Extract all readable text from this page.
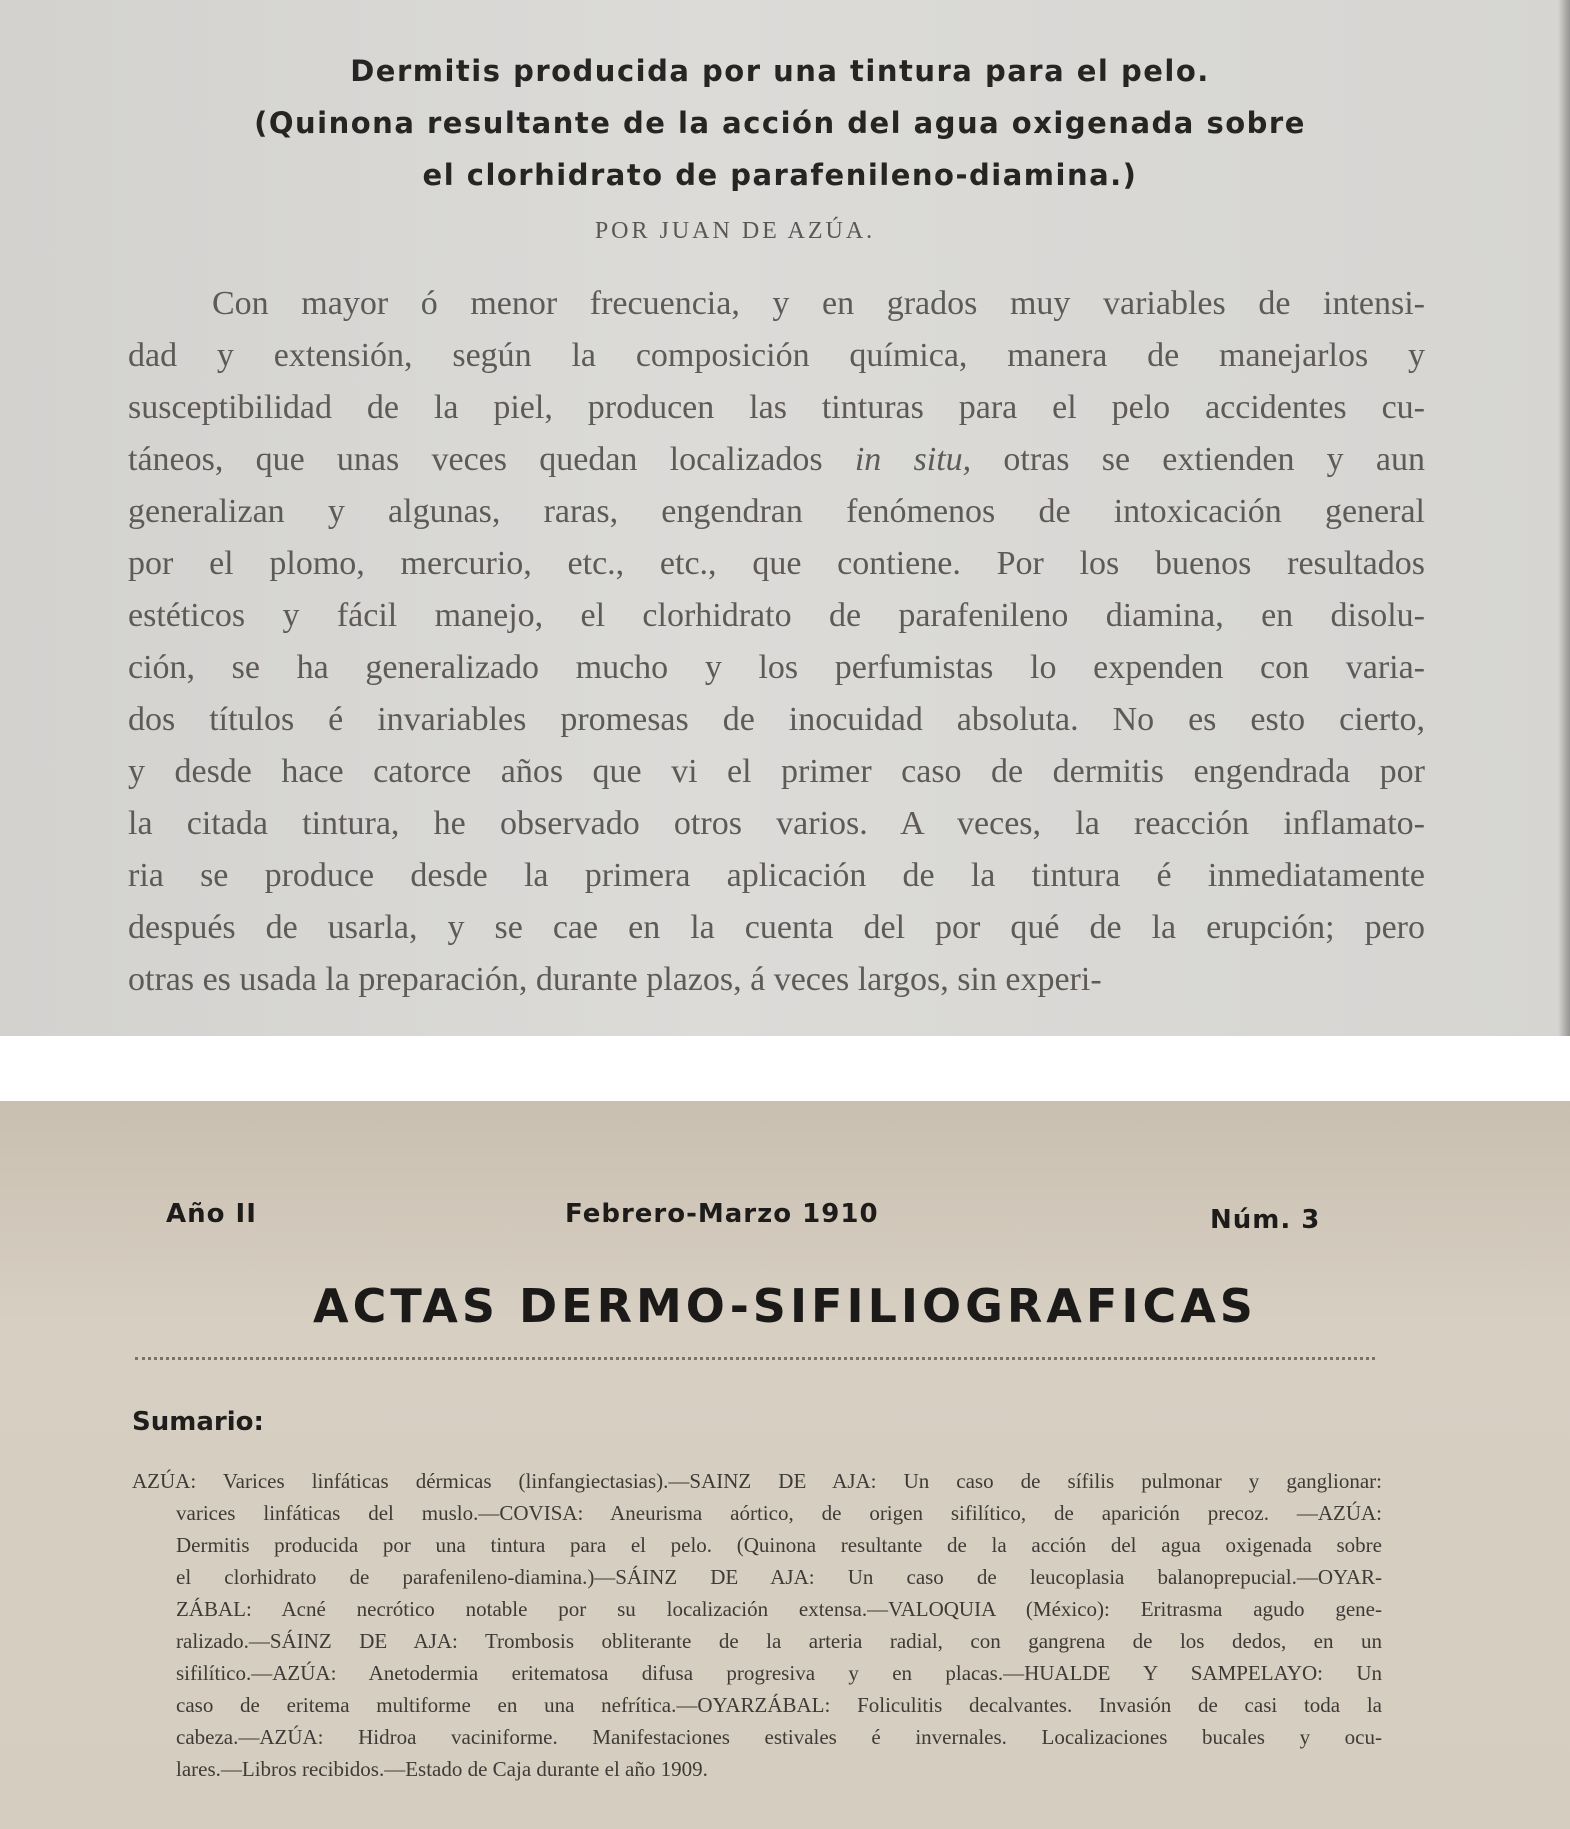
Dermitis producida por una tintura para el pelo.

(Quinona resultante de la acción del agua oxigenada sobre

el clorhidrato de parafenileno-diamina.)

POR JUAN DE AZÚA.

Con mayor ó menor frecuencia, y en grados muy variables de intensi-

dad y extensión, según la composición química, manera de manejarlos y

susceptibilidad de la piel, producen las tinturas para el pelo accidentes cu-

táneos, que unas veces quedan localizados in situ, otras se extienden y aun

generalizan y algunas, raras, engendran fenómenos de intoxicación general

por el plomo, mercurio, etc., etc., que contiene. Por los buenos resultados

estéticos y fácil manejo, el clorhidrato de parafenileno diamina, en disolu-

ción, se ha generalizado mucho y los perfumistas lo expenden con varia-

dos títulos é invariables promesas de inocuidad absoluta. No es esto cierto,

y desde hace catorce años que vi el primer caso de dermitis engendrada por

la citada tintura, he observado otros varios. A veces, la reacción inflamato-

ria se produce desde la primera aplicación de la tintura é inmediatamente

después de usarla, y se cae en la cuenta del por qué de la erupción; pero

otras es usada la preparación, durante plazos, á veces largos, sin experi-

Año II	Febrero-Marzo 1910	Núm. 3

ACTAS DERMO-SIFILIOGRAFICAS

Sumario:

AZÚA: Varices linfáticas dérmicas (linfangiectasias).—SAINZ DE AJA: Un caso de sífilis pulmonar y ganglionar:

varices linfáticas del muslo.—COVISA: Aneurisma aórtico, de origen sifilítico, de aparición precoz. —AZÚA:

Dermitis producida por una tintura para el pelo. (Quinona resultante de la acción del agua oxigenada sobre

el clorhidrato de parafenileno-diamina.)—SÁINZ DE AJA: Un caso de leucoplasia balanoprepucial.—OYAR-

ZÁBAL: Acné necrótico notable por su localización extensa.—VALOQUIA (México): Eritrasma agudo gene-

ralizado.—SÁINZ DE AJA: Trombosis obliterante de la arteria radial, con gangrena de los dedos, en un

sifilítico.—AZÚA: Anetodermia eritematosa difusa progresiva y en placas.—HUALDE Y SAMPELAYO: Un

caso de eritema multiforme en una nefrítica.—OYARZÁBAL: Foliculitis decalvantes. Invasión de casi toda la

cabeza.—AZÚA: Hidroa vaciniforme. Manifestaciones estivales é invernales. Localizaciones bucales y ocu-

lares.—Libros recibidos.—Estado de Caja durante el año 1909.
